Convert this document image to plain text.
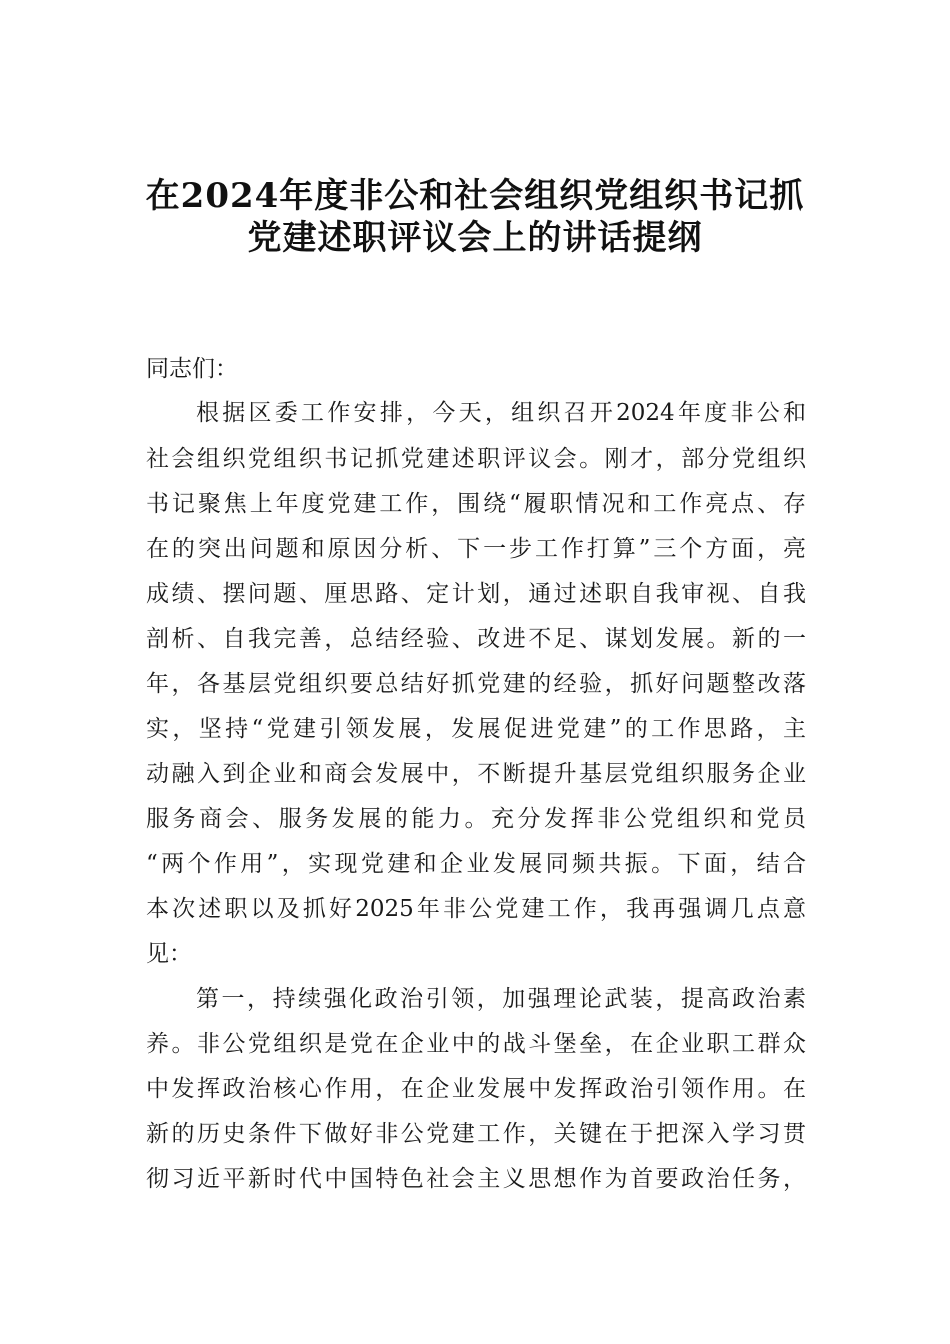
在2024年度非公和社会组织党组织书记抓
党建述职评议会上的讲话提纲
同志们：
根据区委工作安排，今天，组织召开2024年度非公和
社会组织党组织书记抓党建述职评议会。刚才，部分党组织
书记聚焦上年度党建工作，围绕“履职情况和工作亮点、存
在的突出问题和原因分析、下一步工作打算”三个方面，亮
成绩、摆问题、厘思路、定计划，通过述职自我审视、自我
剖析、自我完善，总结经验、改进不足、谋划发展。新的一
年，各基层党组织要总结好抓党建的经验，抓好问题整改落
实，坚持“党建引领发展，发展促进党建”的工作思路，主
动融入到企业和商会发展中，不断提升基层党组织服务企业
服务商会、服务发展的能力。充分发挥非公党组织和党员
“两个作用”，实现党建和企业发展同频共振。下面，结合
本次述职以及抓好2025年非公党建工作，我再强调几点意
见：
第一，持续强化政治引领，加强理论武装，提高政治素
养。非公党组织是党在企业中的战斗堡垒，在企业职工群众
中发挥政治核心作用，在企业发展中发挥政治引领作用。在
新的历史条件下做好非公党建工作，关键在于把深入学习贯
彻习近平新时代中国特色社会主义思想作为首要政治任务，
